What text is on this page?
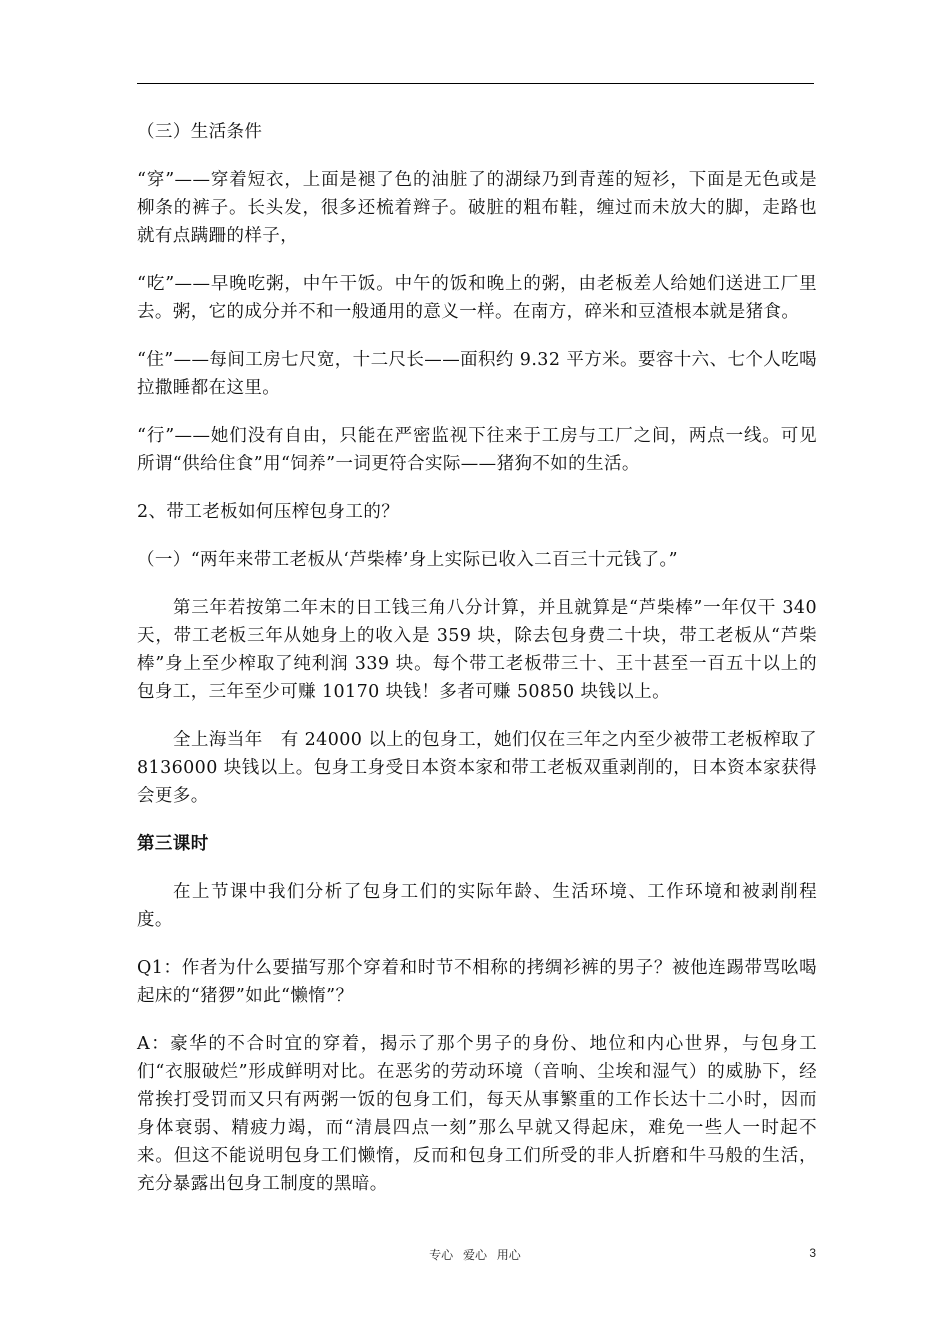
（三）生活条件

“穿”——穿着短衣，上面是褪了色的油脏了的湖绿乃到青莲的短衫，下面是无色或是柳条的裤子。长头发，很多还梳着辫子。破脏的粗布鞋，缠过而未放大的脚，走路也就有点蹒跚的样子，

“吃”——早晚吃粥，中午干饭。中午的饭和晚上的粥，由老板差人给她们送进工厂里去。粥，它的成分并不和一般通用的意义一样。在南方，碎米和豆渣根本就是猪食。

“住”——每间工房七尺宽，十二尺长——面积约 9.32 平方米。要容十六、七个人吃喝拉撒睡都在这里。

“行”——她们没有自由，只能在严密监视下往来于工房与工厂之间，两点一线。可见所谓“供给住食”用“饲养”一词更符合实际——猪狗不如的生活。

2、带工老板如何压榨包身工的？

（一）“两年来带工老板从‘芦柴棒’身上实际已收入二百三十元钱了。”

第三年若按第二年末的日工钱三角八分计算，并且就算是“芦柴棒”一年仅干 340 天，带工老板三年从她身上的收入是 359 块，除去包身费二十块，带工老板从“芦柴棒”身上至少榨取了纯利润 339 块。每个带工老板带三十、王十甚至一百五十以上的包身工，三年至少可赚 10170 块钱！多者可赚 50850 块钱以上。

全上海当年　有 24000 以上的包身工，她们仅在三年之内至少被带工老板榨取了 8136000 块钱以上。包身工身受日本资本家和带工老板双重剥削的，日本资本家获得会更多。

第三课时

在上节课中我们分析了包身工们的实际年龄、生活环境、工作环境和被剥削程度。

Q1：作者为什么要描写那个穿着和时节不相称的拷绸衫裤的男子？被他连踢带骂吆喝起床的“猪猡”如此“懒惰”？

A：豪华的不合时宜的穿着，揭示了那个男子的身份、地位和内心世界，与包身工们“衣服破烂”形成鲜明对比。在恶劣的劳动环境（音响、尘埃和湿气）的威胁下，经常挨打受罚而又只有两粥一饭的包身工们，每天从事繁重的工作长达十二小时，因而身体衰弱、精疲力竭，而“清晨四点一刻”那么早就又得起床，难免一些人一时起不来。但这不能说明包身工们懒惰，反而和包身工们所受的非人折磨和牛马般的生活，充分暴露出包身工制度的黑暗。

专心 爱心 用心	3
